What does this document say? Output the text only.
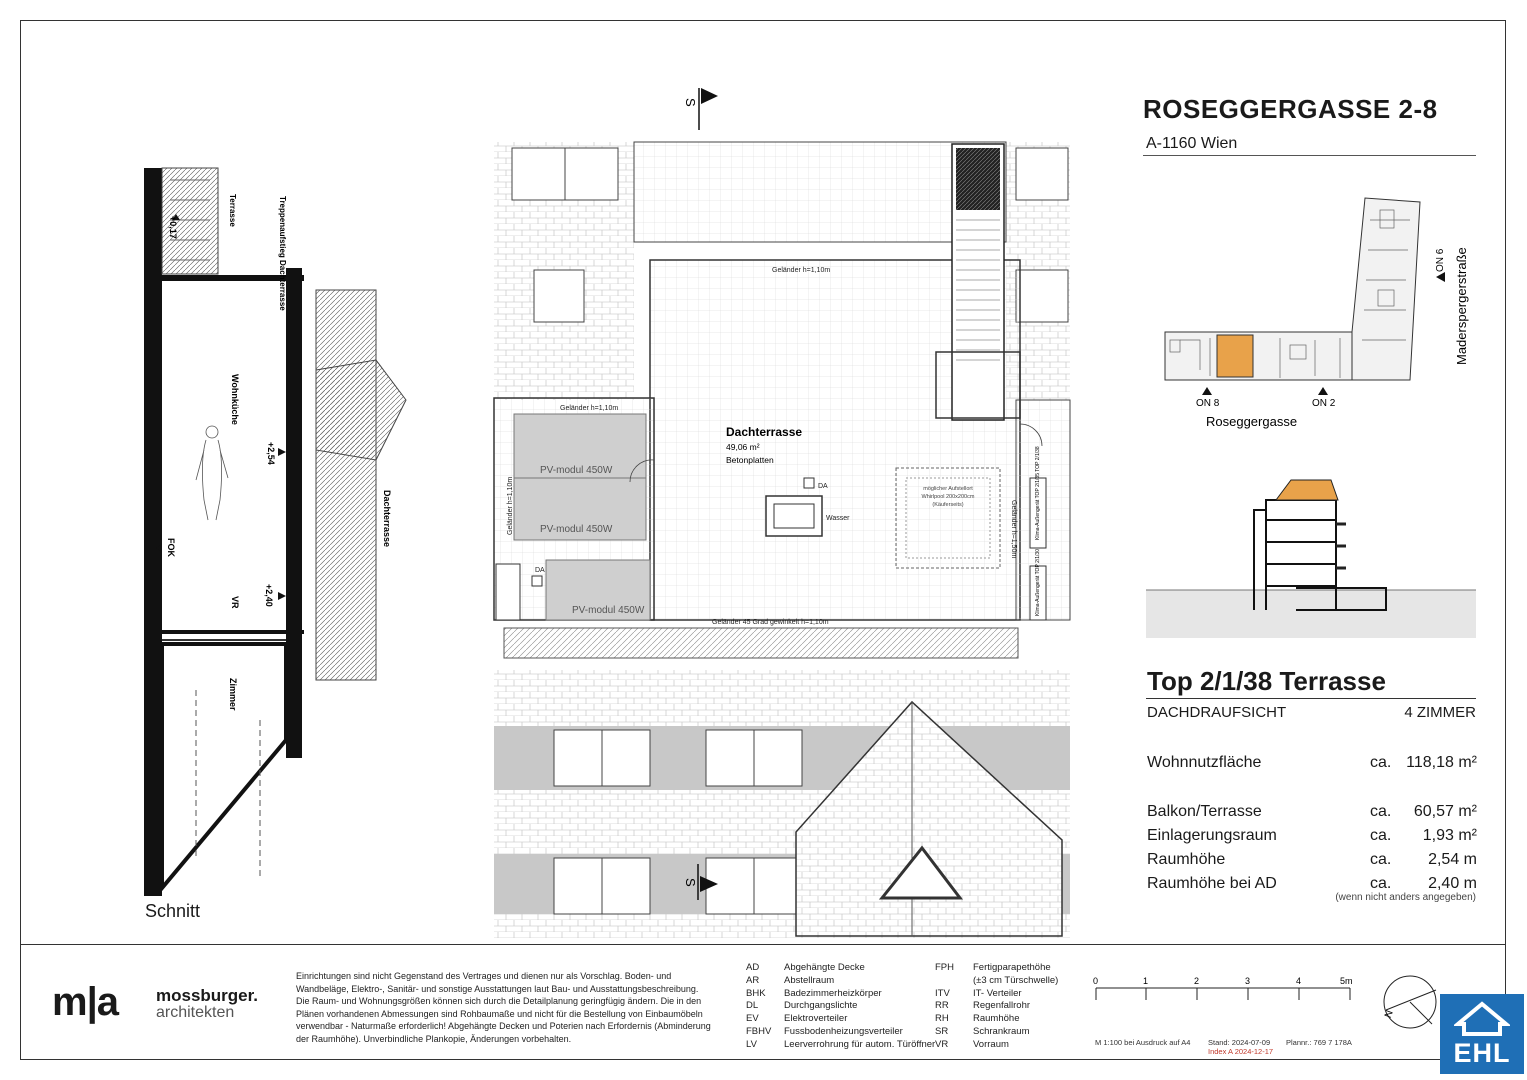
ROSEGGERGASSE 2-8
A-1160 Wien
ON 8	ON 2
ON 6
Roseggergasse
Maderspergerstraße
Top 2/1/38 Terrasse
DACHDRAUFSICHT	4 ZIMMER
Wohnnutzfläche	ca. 118,18 m²
Balkon/Terrasse	ca. 60,57 m²
Einlagerungsraum	ca. 1,93 m²
Raumhöhe	ca. 2,54 m
Raumhöhe bei AD	ca. 2,40 m
(wenn nicht anders angegeben)
S
PV-modul 450W
PV-modul 450W
PV-modul 450W
Dachterrasse
49,06 m²
Betonplatten
Geländer h=1,10m
Geländer h=1,10m
Geländer h=1,10m	Geländer h=1,50m
Geländer 45 Grad gewinkelt h=1,10m
DA
Wasser
möglicher Aufstellort
Whirlpool 200x200cm
(Käuferseits)
DA
Klima-Außengerät TOP 2/1/35 TOP 2/1/38
Klima-Außengerät TOP 2/1/30
S
Terrasse	Treppenaufstieg Dachterrasse
+0,17
Wohnküche
+2,54
Dachterrasse
FOK
VR	+2,40
Zimmer
Schnitt
m|a mossburger.
architekten
Einrichtungen sind nicht Gegenstand des Vertrages und dienen nur als Vorschlag. Boden- und Wandbeläge, Elektro-, Sanitär- und sonstige Ausstattungen laut Bau- und Ausstattungsbeschreibung. Die Raum- und Wohnungsgrößen können sich durch die Detailplanung geringfügig ändern. Die in den Plänen vorhandenen Abmessungen sind Rohbaumaße und nicht für die Bestellung von Einbaumöbeln verwendbar - Naturmaße erforderlich! Abgehängte Decken und Poterien nach Erfordernis (Abminderung der Raumhöhe). Unverbindliche Plankopie, Änderungen vorbehalten.
AD	Abgehängte Decke
AR	Abstellraum
BHK	Badezimmerheizkörper
DL	Durchgangslichte
EV	Elektroverteiler
FBHV	Fussbodenheizungsverteiler
LV	Leerverrohrung für autom. Türöffner
FPH	Fertigparapethöhe
(±3 cm Türschwelle)
ITV	IT- Verteiler
RR	Regenfallrohr
RH	Raumhöhe
SR	Schrankraum
VR	Vorraum
0	1	2	3	4	5m
M 1:100 bei Ausdruck auf A4 Stand: 2024-07-09
Index A 2024-12-17
Plannr.: 769 7 178A
N
EHL
